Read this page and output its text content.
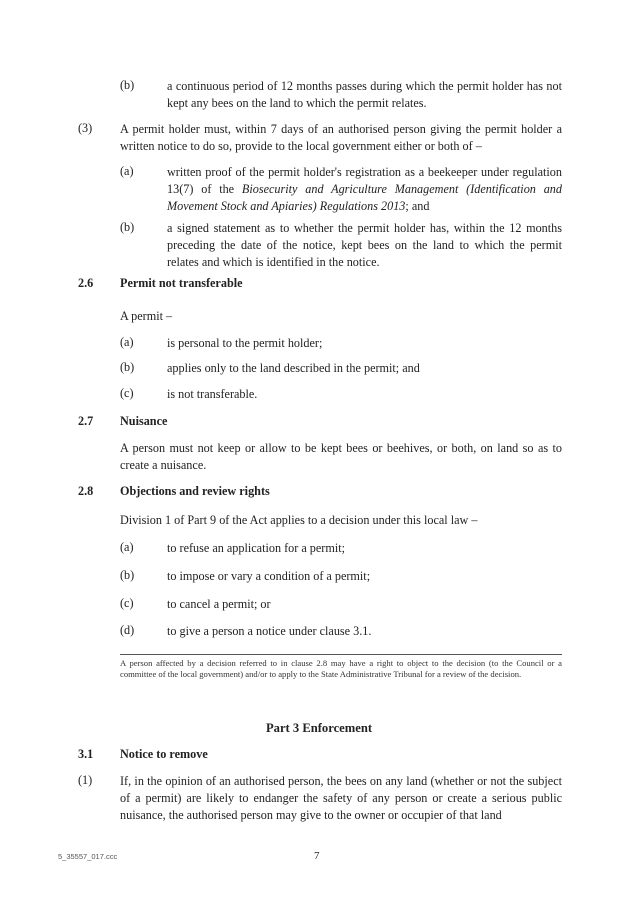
(b)	a continuous period of 12 months passes during which the permit holder has not kept any bees on the land to which the permit relates.
(3) A permit holder must, within 7 days of an authorised person giving the permit holder a written notice to do so, provide to the local government either or both of –
(a)	written proof of the permit holder's registration as a beekeeper under regulation 13(7) of the Biosecurity and Agriculture Management (Identification and Movement Stock and Apiaries) Regulations 2013; and
(b)	a signed statement as to whether the permit holder has, within the 12 months preceding the date of the notice, kept bees on the land to which the permit relates and which is identified in the notice.
2.6 Permit not transferable
A permit –
(a)	is personal to the permit holder;
(b)	applies only to the land described in the permit; and
(c)	is not transferable.
2.7 Nuisance
A person must not keep or allow to be kept bees or beehives, or both, on land so as to create a nuisance.
2.8 Objections and review rights
Division 1 of Part 9 of the Act applies to a decision under this local law –
(a)	to refuse an application for a permit;
(b)	to impose or vary a condition of a permit;
(c)	to cancel a permit; or
(d)	to give a person a notice under clause 3.1.
A person affected by a decision referred to in clause 2.8 may have a right to object to the decision (to the Council or a committee of the local government) and/or to apply to the State Administrative Tribunal for a review of the decision.
Part 3 Enforcement
3.1 Notice to remove
(1) If, in the opinion of an authorised person, the bees on any land (whether or not the subject of a permit) are likely to endanger the safety of any person or create a serious public nuisance, the authorised person may give to the owner or occupier of that land
5_35557_017.ccc	7
